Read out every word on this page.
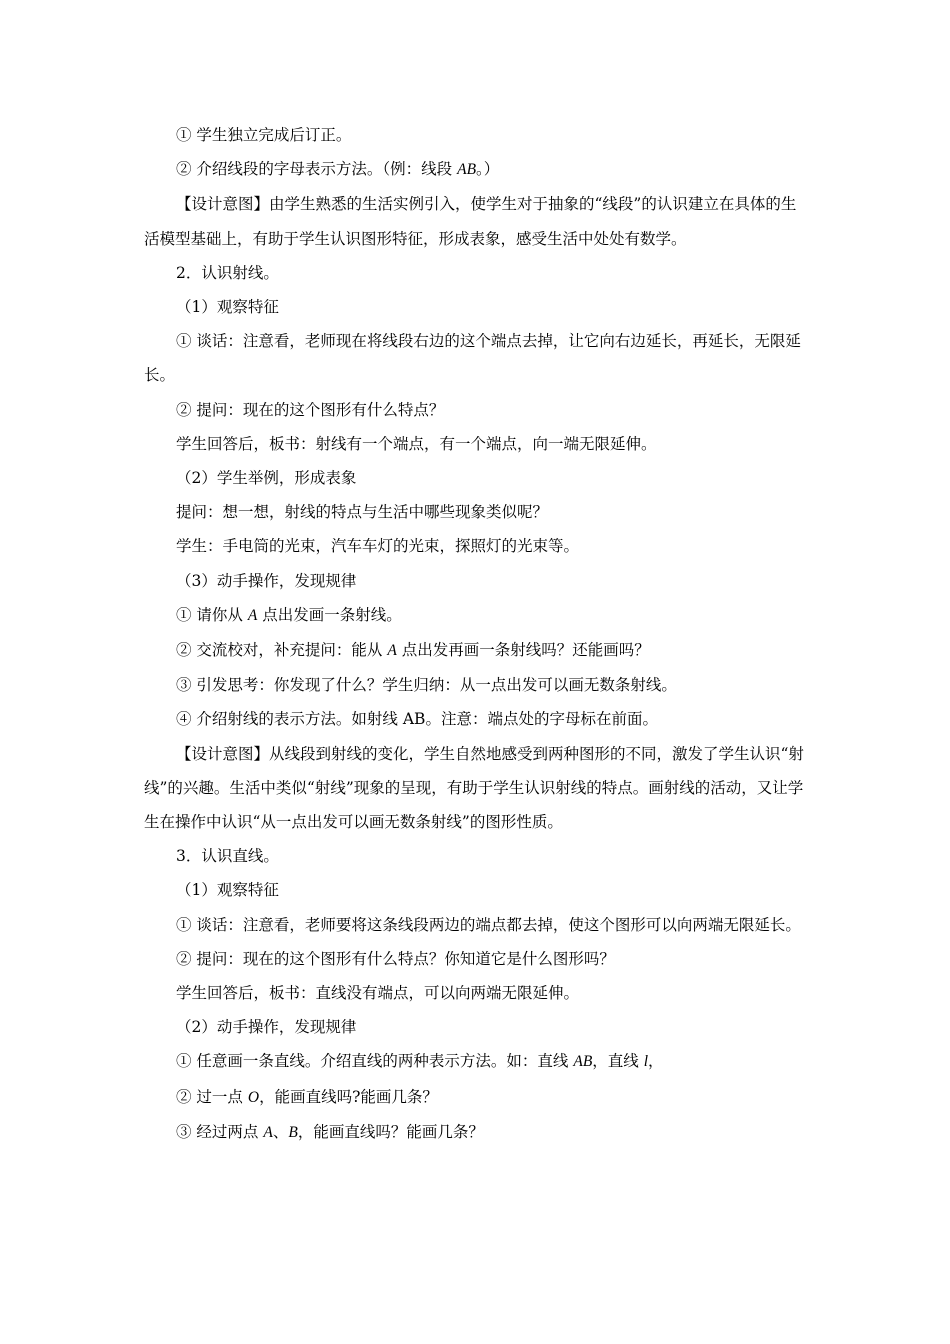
① 学生独立完成后订正。

② 介绍线段的字母表示方法。（例：线段 AB。）

【设计意图】由学生熟悉的生活实例引入，使学生对于抽象的“线段”的认识建立在具体的生活模型基础上，有助于学生认识图形特征，形成表象，感受生活中处处有数学。

2．认识射线。

（1）观察特征

① 谈话：注意看，老师现在将线段右边的这个端点去掉，让它向右边延长，再延长，无限延长。

② 提问：现在的这个图形有什么特点？

学生回答后，板书：射线有一个端点，有一个端点，向一端无限延伸。

（2）学生举例，形成表象

提问：想一想，射线的特点与生活中哪些现象类似呢？

学生：手电筒的光束，汽车车灯的光束，探照灯的光束等。

（3）动手操作，发现规律

① 请你从 A 点出发画一条射线。

② 交流校对，补充提问：能从 A 点出发再画一条射线吗？还能画吗？

③ 引发思考：你发现了什么？学生归纳：从一点出发可以画无数条射线。

④ 介绍射线的表示方法。如射线 AB。注意：端点处的字母标在前面。

【设计意图】从线段到射线的变化，学生自然地感受到两种图形的不同，激发了学生认识“射线”的兴趣。生活中类似“射线”现象的呈现，有助于学生认识射线的特点。画射线的活动，又让学生在操作中认识“从一点出发可以画无数条射线”的图形性质。

3．认识直线。

（1）观察特征

① 谈话：注意看，老师要将这条线段两边的端点都去掉，使这个图形可以向两端无限延长。

② 提问：现在的这个图形有什么特点？你知道它是什么图形吗？

学生回答后，板书：直线没有端点，可以向两端无限延伸。

（2）动手操作，发现规律

① 任意画一条直线。介绍直线的两种表示方法。如：直线 AB，直线 l，

② 过一点 O，能画直线吗?能画几条？

③ 经过两点 A、B，能画直线吗？能画几条？
